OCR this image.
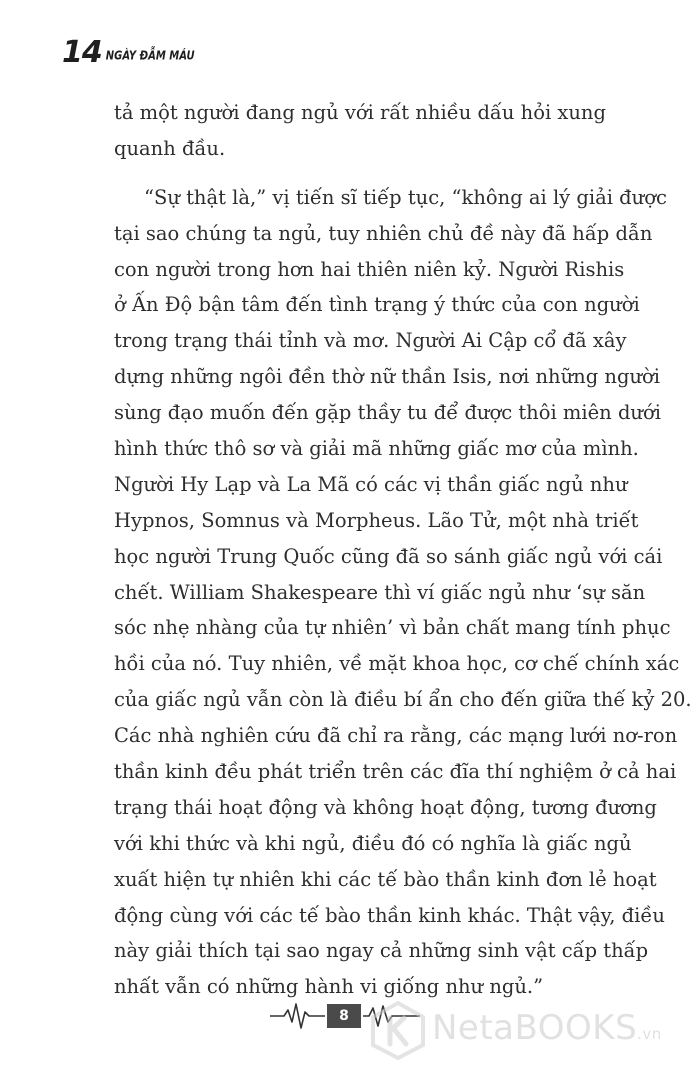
14 NGÀY ĐẪM MÁU
tả một người đang ngủ với rất nhiều dấu hỏi xung
quanh đầu.
“Sự thật là,” vị tiến sĩ tiếp tục, “không ai lý giải được
tại sao chúng ta ngủ, tuy nhiên chủ đề này đã hấp dẫn
con người trong hơn hai thiên niên kỷ. Người Rishis
ở Ấn Độ bận tâm đến tình trạng ý thức của con người
trong trạng thái tỉnh và mơ. Người Ai Cập cổ đã xây
dựng những ngôi đền thờ nữ thần Isis, nơi những người
sùng đạo muốn đến gặp thầy tu để được thôi miên dưới
hình thức thô sơ và giải mã những giấc mơ của mình.
Người Hy Lạp và La Mã có các vị thần giấc ngủ như
Hypnos, Somnus và Morpheus. Lão Tử, một nhà triết
học người Trung Quốc cũng đã so sánh giấc ngủ với cái
chết. William Shakespeare thì ví giấc ngủ như ‘sự săn
sóc nhẹ nhàng của tự nhiên’ vì bản chất mang tính phục
hồi của nó. Tuy nhiên, về mặt khoa học, cơ chế chính xác
của giấc ngủ vẫn còn là điều bí ẩn cho đến giữa thế kỷ 20.
Các nhà nghiên cứu đã chỉ ra rằng, các mạng lưới nơ-ron
thần kinh đều phát triển trên các đĩa thí nghiệm ở cả hai
trạng thái hoạt động và không hoạt động, tương đương
với khi thức và khi ngủ, điều đó có nghĩa là giấc ngủ
xuất hiện tự nhiên khi các tế bào thần kinh đơn lẻ hoạt
động cùng với các tế bào thần kinh khác. Thật vậy, điều
này giải thích tại sao ngay cả những sinh vật cấp thấp
nhất vẫn có những hành vi giống như ngủ.”
8	NetaBOOKS.vn
